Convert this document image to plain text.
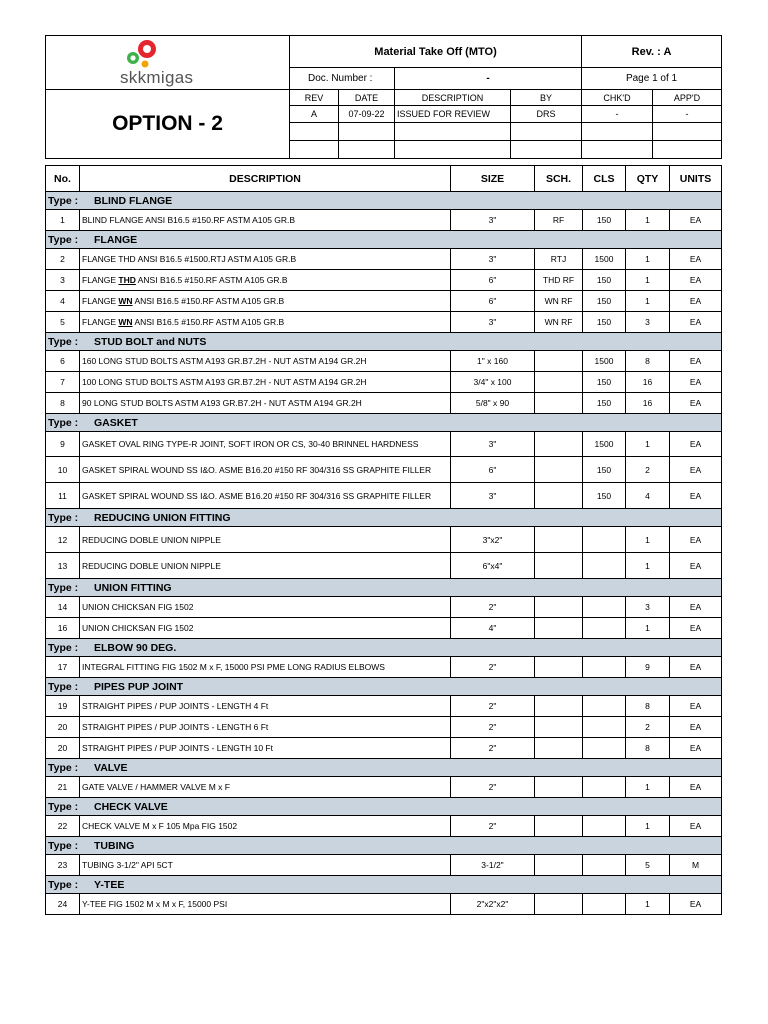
skkmigas	Material Take Off (MTO)				Rev. : A	
	Doc. Number :		-		Page 1 of 1	
OPTION - 2	REV	DATE	DESCRIPTION	BY	CHK'D	APP'D
	A	07-09-22	ISSUED FOR REVIEW	DRS	-	-

No.	DESCRIPTION	SIZE	SCH.	CLS	QTY	UNITS
Type : BLIND FLANGE						
1	BLIND FLANGE ANSI B16.5 #150.RF ASTM A105 GR.B	3"	RF	150	1	EA
Type : FLANGE						
2	FLANGE THD ANSI B16.5 #1500.RTJ ASTM A105 GR.B	3"	RTJ	1500	1	EA
3	FLANGE THD ANSI B16.5 #150.RF ASTM A105 GR.B	6"	THD RF	150	1	EA
4	FLANGE WN ANSI B16.5 #150.RF ASTM A105 GR.B	6"	WN RF	150	1	EA
5	FLANGE WN ANSI B16.5 #150.RF ASTM A105 GR.B	3"	WN RF	150	3	EA
Type : STUD BOLT and NUTS						
6	160 LONG STUD BOLTS ASTM A193 GR.B7.2H - NUT ASTM A194 GR.2H	1" x 160		1500	8	EA
7	100 LONG STUD BOLTS ASTM A193 GR.B7.2H - NUT ASTM A194 GR.2H	3/4" x 100		150	16	EA
8	90 LONG STUD BOLTS ASTM A193 GR.B7.2H - NUT ASTM A194 GR.2H	5/8" x 90		150	16	EA
Type : GASKET						
9	GASKET OVAL RING TYPE-R JOINT, SOFT IRON OR CS, 30-40 BRINNEL HARDNESS	3"		1500	1	EA
10	GASKET SPIRAL WOUND SS I&O. ASME B16.20 #150 RF 304/316 SS GRAPHITE FILLER	6"		150	2	EA
11	GASKET SPIRAL WOUND SS I&O. ASME B16.20 #150 RF 304/316 SS GRAPHITE FILLER	3"		150	4	EA
Type : REDUCING UNION FITTING						
12	REDUCING DOBLE UNION NIPPLE	3"x2"			1	EA
13	REDUCING DOBLE UNION NIPPLE	6"x4"			1	EA
Type : UNION FITTING						
14	UNION CHICKSAN FIG 1502	2"			3	EA
16	UNION CHICKSAN FIG 1502	4"			1	EA
Type : ELBOW 90 DEG.						
17	INTEGRAL FITTING FIG 1502 M x F, 15000 PSI PME LONG RADIUS ELBOWS	2"			9	EA
Type : PIPES PUP JOINT						
19	STRAIGHT PIPES / PUP JOINTS - LENGTH 4 Ft	2"			8	EA
20	STRAIGHT PIPES / PUP JOINTS - LENGTH 6 Ft	2"			2	EA
20	STRAIGHT PIPES / PUP JOINTS - LENGTH 10 Ft	2"			8	EA
Type : VALVE						
21	GATE VALVE / HAMMER VALVE M x F	2"			1	EA
Type : CHECK VALVE						
22	CHECK VALVE M x F 105 Mpa FIG 1502	2"			1	EA
Type : TUBING						
23	TUBING 3-1/2" API 5CT	3-1/2"			5	M
Type : Y-TEE						
24	Y-TEE FIG 1502 M x M x F, 15000 PSI	2"x2"x2"			1	EA
